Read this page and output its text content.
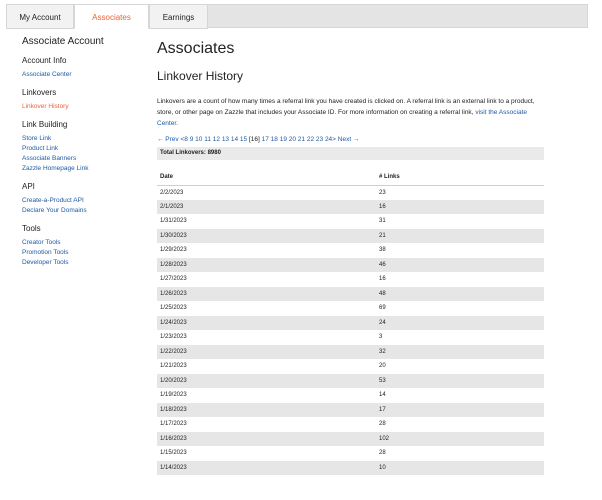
My Account	Associates	Earnings
Associate Account
Account Info
Associate Center
Linkovers
Linkover History
Link Building
Store Link
Product Link
Associate Banners
Zazzle Homepage Link
API
Create-a-Product API
Declare Your Domains
Tools
Creator Tools
Promotion Tools
Developer Tools
Associates
Linkover History

Linkovers are a count of how many times a referral link you have created is clicked on. A referral link is an external link to a product, store, or other page on Zazzle that includes your Associate ID. For more information on creating a referral link, visit the Associate Center.

← Prev <8 9 10 11 12 13 14 15 [16] 17 18 19 20 21 22 23 24> Next →
Total Linkovers: 8980
Date	# Links
2/2/2023	23
2/1/2023	16
1/31/2023	31
1/30/2023	21
1/29/2023	38
1/28/2023	46
1/27/2023	16
1/26/2023	48
1/25/2023	69
1/24/2023	24
1/23/2023	3
1/22/2023	32
1/21/2023	20
1/20/2023	53
1/19/2023	14
1/18/2023	17
1/17/2023	28
1/16/2023	102
1/15/2023	28
1/14/2023	10
